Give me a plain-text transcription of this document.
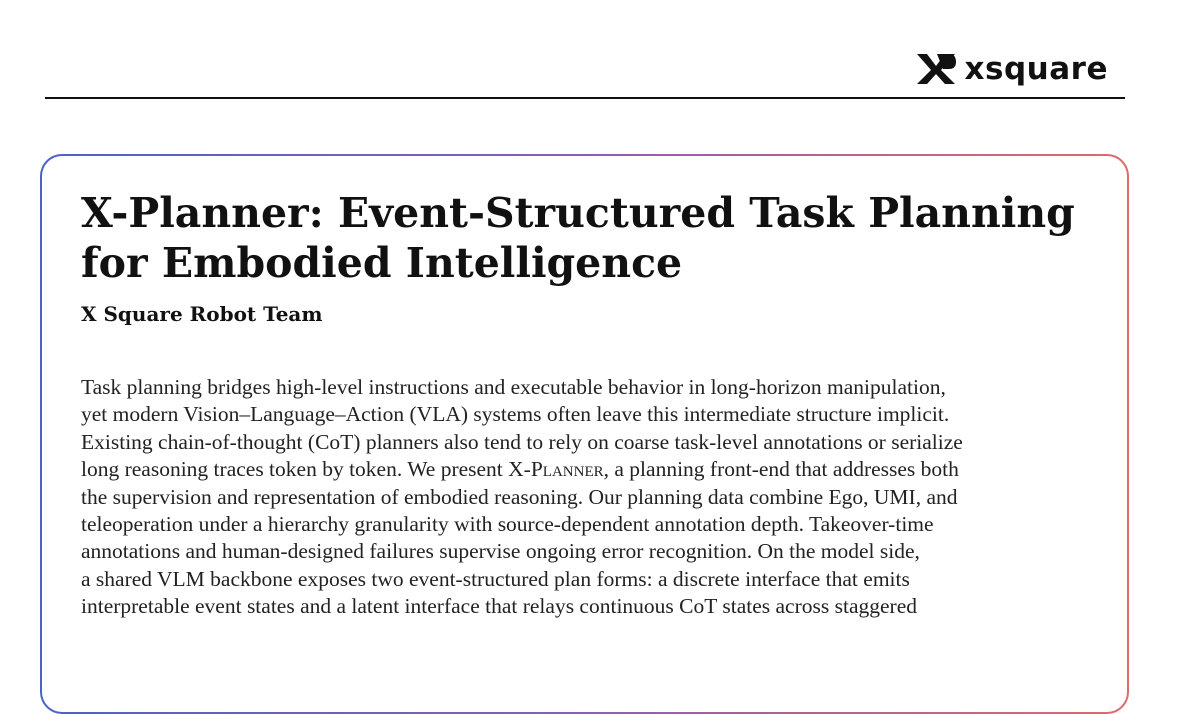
xsquare
X-Planner: Event-Structured Task Planning
for Embodied Intelligence
X Square Robot Team
Task planning bridges high-level instructions and executable behavior in long-horizon manipulation,
yet modern Vision–Language–Action (VLA) systems often leave this intermediate structure implicit.
Existing chain-of-thought (CoT) planners also tend to rely on coarse task-level annotations or serialize
long reasoning traces token by token. We present X-Planner, a planning front-end that addresses both
the supervision and representation of embodied reasoning. Our planning data combine Ego, UMI, and
teleoperation under a hierarchy granularity with source-dependent annotation depth. Takeover-time
annotations and human-designed failures supervise ongoing error recognition. On the model side,
a shared VLM backbone exposes two event-structured plan forms: a discrete interface that emits
interpretable event states and a latent interface that relays continuous CoT states across staggered
